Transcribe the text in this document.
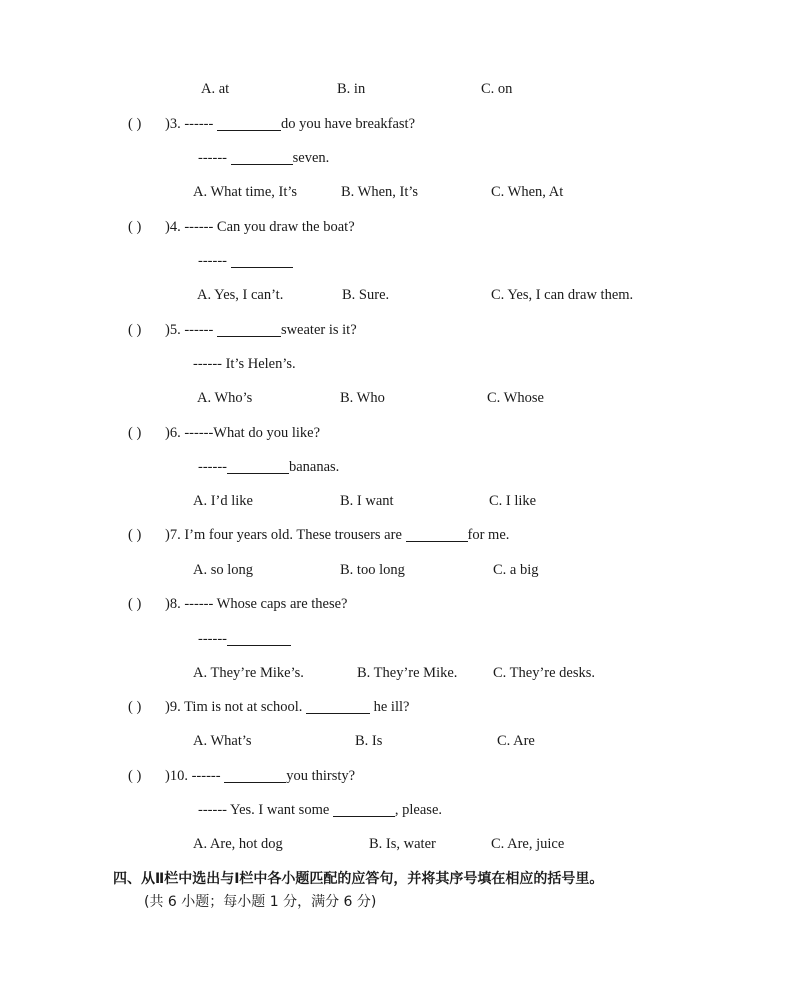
A. at	B. in	C. on
( ) )3. ------	do you have breakfast?
------	seven.
A. What time, It’s	B. When, It’s	C. When, At
( ) )4. ------ Can you draw the boat?
------
A. Yes, I can’t.	B. Sure.	C. Yes, I can draw them.
( ) )5. ------	sweater is it?
------ It’s Helen’s.
A. Who’s	B. Who	C. Whose
( ) )6. ------What do you like?
------	bananas.
A. I’d like	B. I want	C. I like
( ) )7. I’m four years old. These trousers are	for me.
A. so long	B. too long	C. a big
( ) )8. ------ Whose caps are these?
------
A. They’re Mike’s.	B. They’re Mike. C. They’re desks.
( ) )9. Tim is not at school.	he ill?
A. What’s	B. Is	C. Are
( ) )10. ------	you thirsty?
------ Yes. I want some	, please.
A. Are, hot dog	B. Is, water	C. Are, juice
四、从Ⅱ栏中选出与Ⅰ栏中各小题匹配的应答句，并将其序号填在相应的括号里。
(共 6 小题；每小题 1 分，满分 6 分)
